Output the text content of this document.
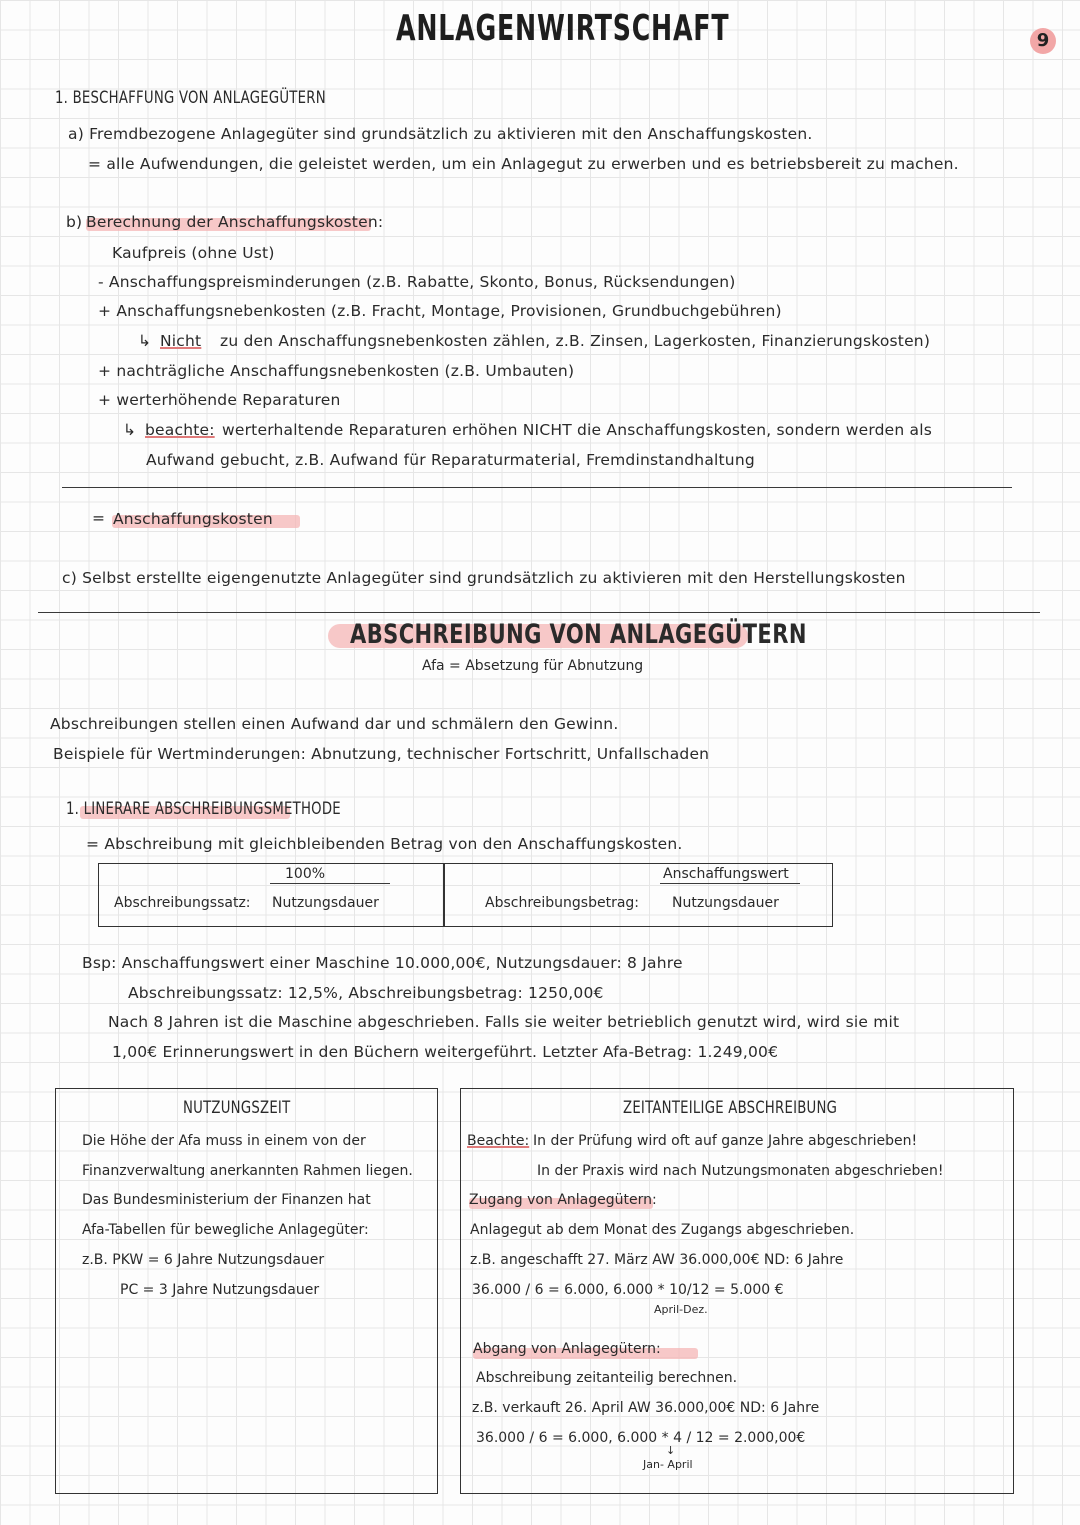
9
ANLAGENWIRTSCHAFT
1. BESCHAFFUNG VON ANLAGEGÜTERN
a) Fremdbezogene Anlagegüter sind grundsätzlich zu aktivieren mit den Anschaffungskosten.
= alle Aufwendungen, die geleistet werden, um ein Anlagegut zu erwerben und es betriebsbereit zu machen.
b) Berechnung der Anschaffungskosten:
Kaufpreis (ohne Ust)
- Anschaffungspreisminderungen (z.B. Rabatte, Skonto, Bonus, Rücksendungen)
+ Anschaffungsnebenkosten (z.B. Fracht, Montage, Provisionen, Grundbuchgebühren)
↳ Nicht zu den Anschaffungsnebenkosten zählen, z.B. Zinsen, Lagerkosten, Finanzierungskosten)
+ nachträgliche Anschaffungsnebenkosten (z.B. Umbauten)
+ werterhöhende Reparaturen
↳ beachte: werterhaltende Reparaturen erhöhen NICHT die Anschaffungskosten, sondern werden als
Aufwand gebucht, z.B. Aufwand für Reparaturmaterial, Fremdinstandhaltung
= Anschaffungskosten
c) Selbst erstellte eigengenutzte Anlagegüter sind grundsätzlich zu aktivieren mit den Herstellungskosten
ABSCHREIBUNG VON ANLAGEGÜTERN
Afa = Absetzung für Abnutzung
Abschreibungen stellen einen Aufwand dar und schmälern den Gewinn.
Beispiele für Wertminderungen: Abnutzung, technischer Fortschritt, Unfallschaden
1. LINERARE ABSCHREIBUNGSMETHODE
= Abschreibung mit gleichbleibenden Betrag von den Anschaffungskosten.
Abschreibungssatz:
100%
Nutzungsdauer	Abschreibungsbetrag:
Anschaffungswert
Nutzungsdauer
Bsp: Anschaffungswert einer Maschine 10.000,00€, Nutzungsdauer: 8 Jahre
Abschreibungssatz: 12,5%, Abschreibungsbetrag: 1250,00€
Nach 8 Jahren ist die Maschine abgeschrieben. Falls sie weiter betrieblich genutzt wird, wird sie mit
1,00€ Erinnerungswert in den Büchern weitergeführt. Letzter Afa-Betrag: 1.249,00€
NUTZUNGSZEIT
Die Höhe der Afa muss in einem von der
Finanzverwaltung anerkannten Rahmen liegen.
Das Bundesministerium der Finanzen hat
Afa-Tabellen für bewegliche Anlagegüter:
z.B. PKW = 6 Jahre Nutzungsdauer
PC = 3 Jahre Nutzungsdauer
ZEITANTEILIGE ABSCHREIBUNG
Beachte: In der Prüfung wird oft auf ganze Jahre abgeschrieben!
In der Praxis wird nach Nutzungsmonaten abgeschrieben!
Zugang von Anlagegütern:
Anlagegut ab dem Monat des Zugangs abgeschrieben.
z.B. angeschafft 27. März AW 36.000,00€ ND: 6 Jahre
36.000 / 6 = 6.000, 6.000 * 10/12 = 5.000 €
April-Dez.
Abgang von Anlagegütern:
Abschreibung zeitanteilig berechnen.
z.B. verkauft 26. April AW 36.000,00€ ND: 6 Jahre
36.000 / 6 = 6.000, 6.000 * 4 / 12 = 2.000,00€
↓
Jan- April
